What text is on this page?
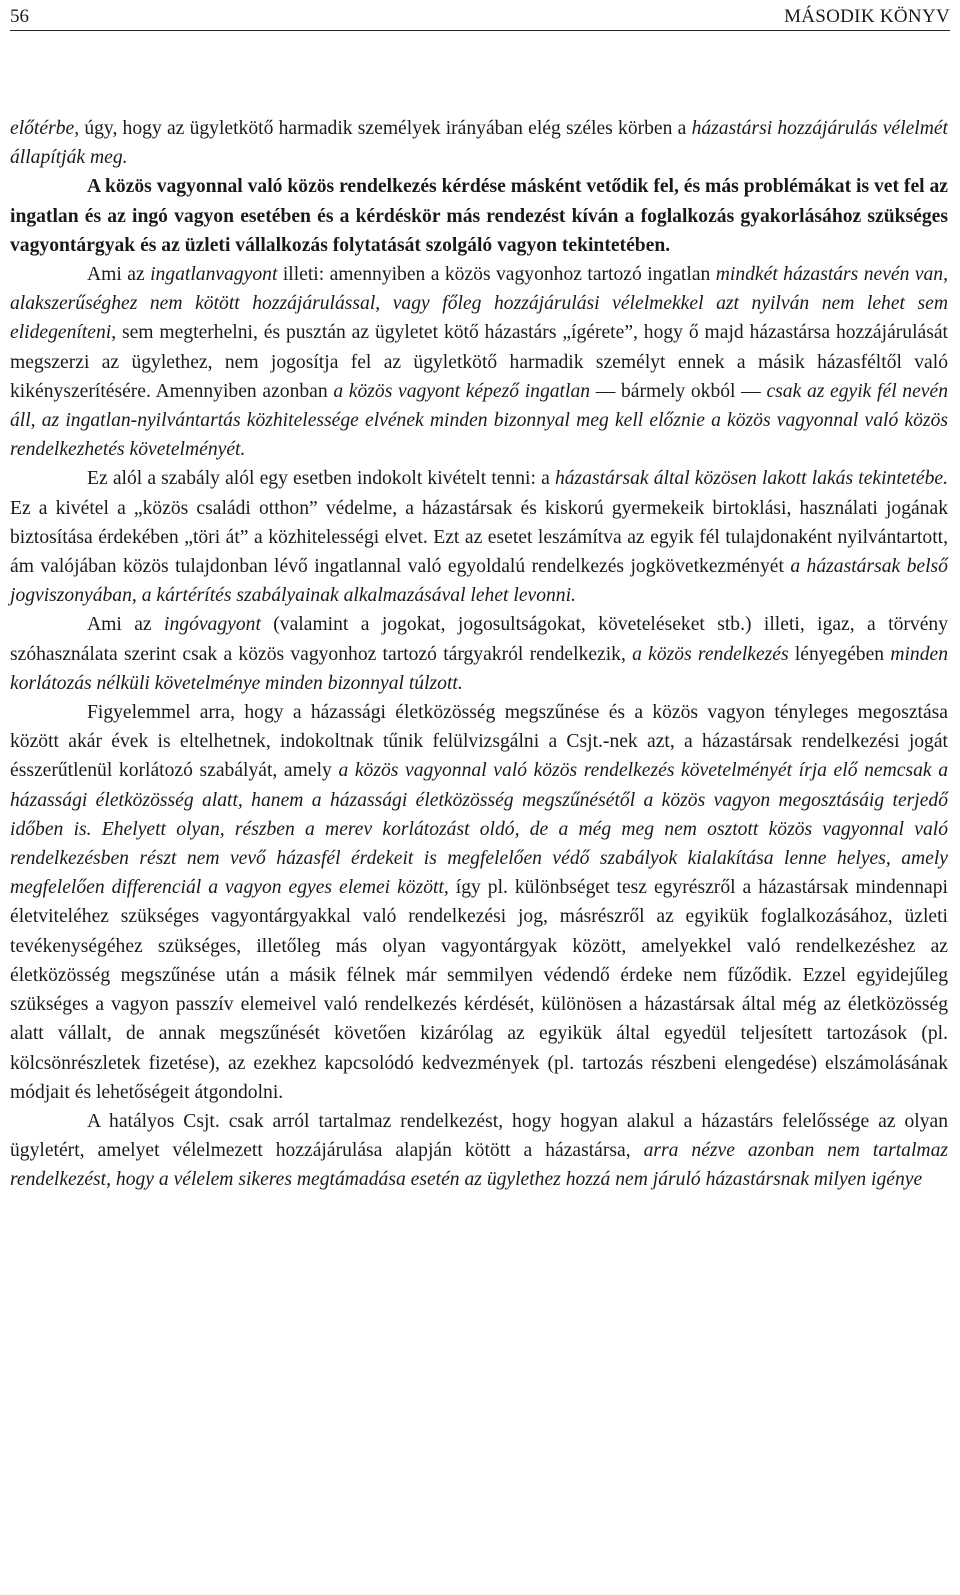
56	MÁSODIK KÖNYV

előtérbe, úgy, hogy az ügyletkötő harmadik személyek irányában elég széles körben a házastársi hozzájárulás vélelmét állapítják meg.

A közös vagyonnal való közös rendelkezés kérdése másként vetődik fel, és más problémákat is vet fel az ingatlan és az ingó vagyon esetében és a kérdéskör más rendezést kíván a foglalkozás gyakorlásához szükséges vagyontárgyak és az üzleti vállalkozás folytatását szolgáló vagyon tekintetében.

Ami az ingatlanvagyont illeti: amennyiben a közös vagyonhoz tartozó ingatlan mindkét házastárs nevén van, alakszerűséghez nem kötött hozzájárulással, vagy főleg hozzájárulási vélelmekkel azt nyilván nem lehet sem elidegeníteni, sem megterhelni, és pusztán az ügyletet kötő házastárs „ígérete”, hogy ő majd házastársa hozzájárulását megszerzi az ügylethez, nem jogosítja fel az ügyletkötő harmadik személyt ennek a másik házasféltől való kikényszerítésére. Amennyiben azonban a közös vagyont képező ingatlan — bármely okból — csak az egyik fél nevén áll, az ingatlan-nyilvántartás közhitelessége elvének minden bizonnyal meg kell előznie a közös vagyonnal való közös rendelkezhetés követelményét.

Ez alól a szabály alól egy esetben indokolt kivételt tenni: a házastársak által közösen lakott lakás tekintetébe. Ez a kivétel a „közös családi otthon” védelme, a házastársak és kiskorú gyermekeik birtoklási, használati jogának biztosítása érdekében „töri át” a közhitelességi elvet. Ezt az esetet leszámítva az egyik fél tulajdonaként nyilvántartott, ám valójában közös tulajdonban lévő ingatlannal való egyoldalú rendelkezés jogkövetkezményét a házastársak belső jogviszonyában, a kártérítés szabályainak alkalmazásával lehet levonni.

Ami az ingóvagyont (valamint a jogokat, jogosultságokat, követeléseket stb.) illeti, igaz, a törvény szóhasználata szerint csak a közös vagyonhoz tartozó tárgyakról rendelkezik, a közös rendelkezés lényegében minden korlátozás nélküli követelménye minden bizonnyal túlzott.

Figyelemmel arra, hogy a házassági életközösség megszűnése és a közös vagyon tényleges megosztása között akár évek is eltelhetnek, indokoltnak tűnik felülvizsgálni a Csjt.-nek azt, a házastársak rendelkezési jogát ésszerűtlenül korlátozó szabályát, amely a közös vagyonnal való közös rendelkezés követelményét írja elő nemcsak a házassági életközösség alatt, hanem a házassági életközösség megszűnésétől a közös vagyon megosztásáig terjedő időben is. Ehelyett olyan, részben a merev korlátozást oldó, de a még meg nem osztott közös vagyonnal való rendelkezésben részt nem vevő házasfél érdekeit is megfelelően védő szabályok kialakítása lenne helyes, amely megfelelően differenciál a vagyon egyes elemei között, így pl. különbséget tesz egyrészről a házastársak mindennapi életviteléhez szükséges vagyontárgyakkal való rendelkezési jog, másrészről az egyikük foglalkozásához, üzleti tevékenységéhez szükséges, illetőleg más olyan vagyontárgyak között, amelyekkel való rendelkezéshez az életközösség megszűnése után a másik félnek már semmilyen védendő érdeke nem fűződik. Ezzel egyidejűleg szükséges a vagyon passzív elemeivel való rendelkezés kérdését, különösen a házastársak által még az életközösség alatt vállalt, de annak megszűnését követően kizárólag az egyikük által egyedül teljesített tartozások (pl. kölcsönrészletek fizetése), az ezekhez kapcsolódó kedvezmények (pl. tartozás részbeni elengedése) elszámolásának módjait és lehetőségeit átgondolni.

A hatályos Csjt. csak arról tartalmaz rendelkezést, hogy hogyan alakul a házastárs felelőssége az olyan ügyletért, amelyet vélelmezett hozzájárulása alapján kötött a házastársa, arra nézve azonban nem tartalmaz rendelkezést, hogy a vélelem sikeres megtámadása esetén az ügylethez hozzá nem járuló házastársnak milyen igénye
